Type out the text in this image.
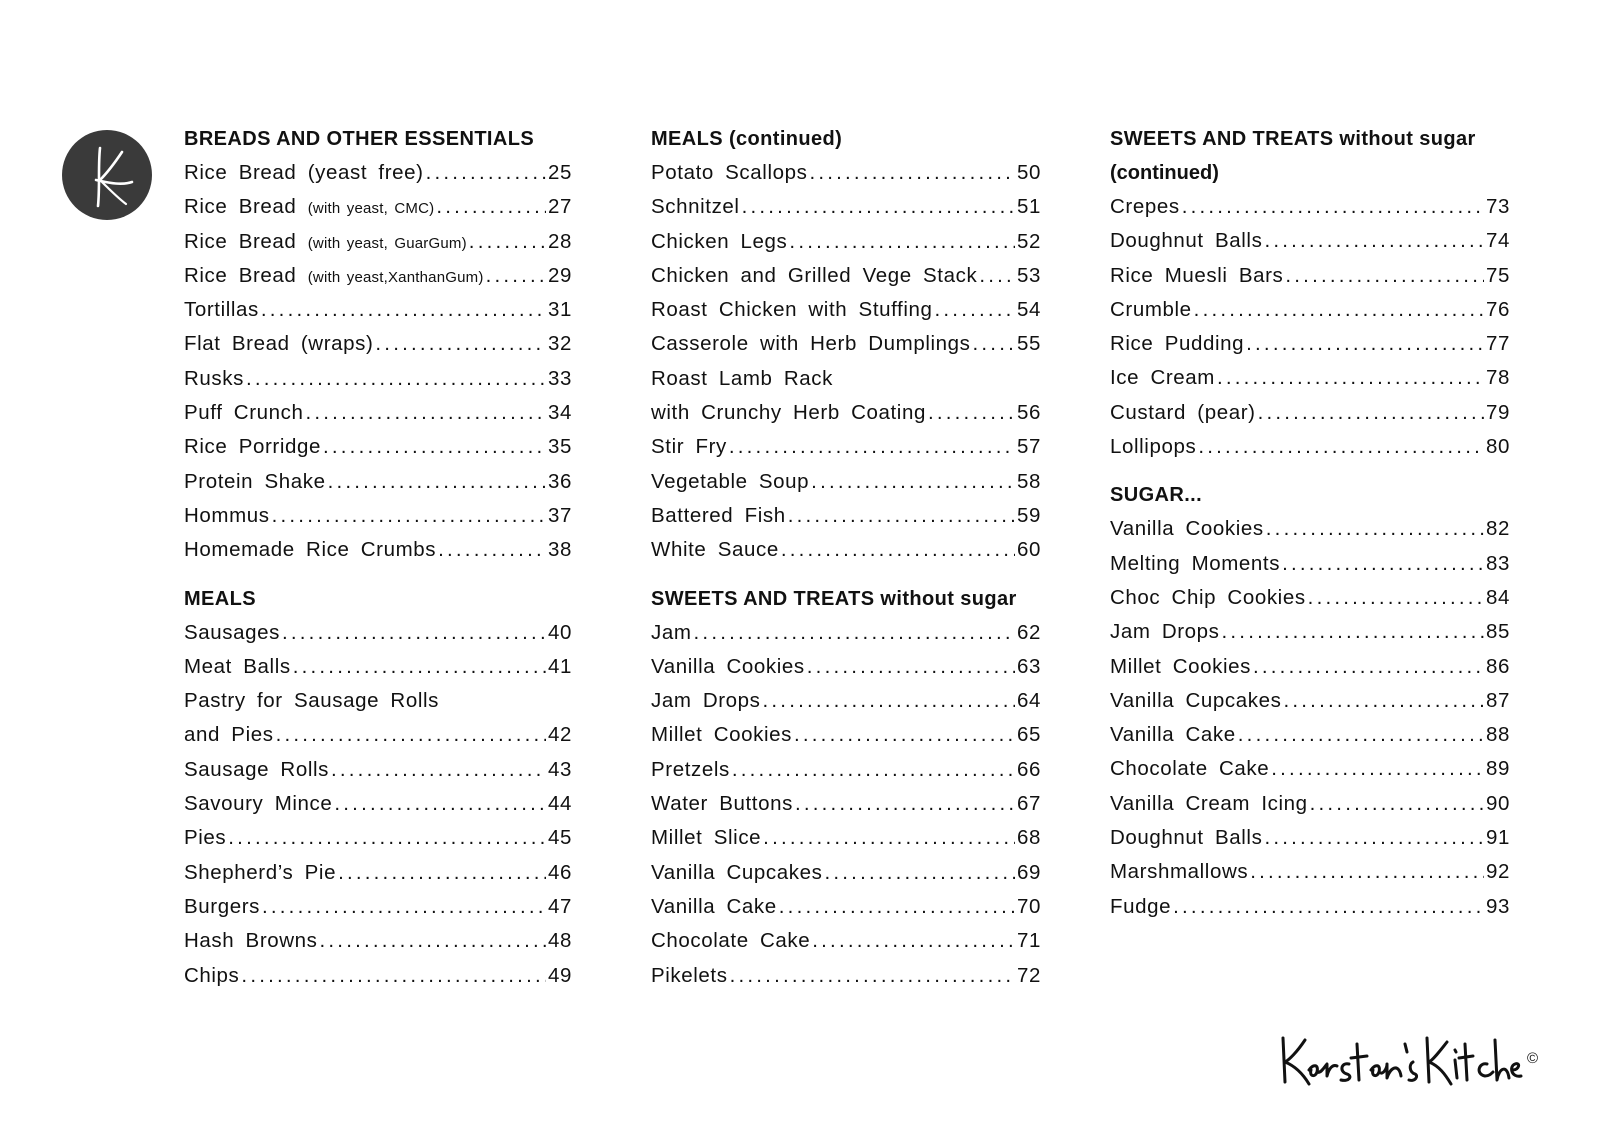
BREADS AND OTHER ESSENTIALS
Rice Bread (yeast free) .....	25
Rice Bread (with yeast, CMC) .....	27
Rice Bread (with yeast, GuarGum) .....	28
Rice Bread (with yeast,XanthanGum) .....	29
Tortillas .....	31
Flat Bread (wraps) .....	32
Rusks .....	33
Puff Crunch .....	34
Rice Porridge .....	35
Protein Shake .....	36
Hommus .....	37
Homemade Rice Crumbs .....	38
MEALS
Sausages .....	40
Meat Balls .....	41
Pastry for Sausage Rolls
and Pies .....	42
Sausage Rolls .....	43
Savoury Mince .....	44
Pies .....	45
Shepherd’s Pie .....	46
Burgers .....	47
Hash Browns .....	48
Chips .....	49
MEALS (continued)
Potato Scallops .....	50
Schnitzel .....	51
Chicken Legs .....	52
Chicken and Grilled Vege Stack ..... 53
Roast Chicken with Stuffing .....	54
Casserole with Herb Dumplings ..... 55
Roast Lamb Rack
with Crunchy Herb Coating .....	56
Stir Fry .....	57
Vegetable Soup .....	58
Battered Fish .....	59
White Sauce .....	60
SWEETS AND TREATS without sugar
Jam .....	62
Vanilla Cookies .....	63
Jam Drops .....	64
Millet Cookies .....	65
Pretzels .....	66
Water Buttons .....	67
Millet Slice .....	68
Vanilla Cupcakes .....	69
Vanilla Cake .....	70
Chocolate Cake .....	71
Pikelets .....	72
SWEETS AND TREATS without sugar
(continued)
Crepes .....	73
Doughnut Balls .....	74
Rice Muesli Bars .....	75
Crumble .....	76
Rice Pudding .....	77
Ice Cream .....	78
Custard (pear) .....	79
Lollipops .....	80
SUGAR...
Vanilla Cookies .....	82
Melting Moments .....	83
Choc Chip Cookies .....	84
Jam Drops .....	85
Millet Cookies .....	86
Vanilla Cupcakes .....	87
Vanilla Cake .....	88
Chocolate Cake .....	89
Vanilla Cream Icing .....	90
Doughnut Balls .....	91
Marshmallows .....	92
Fudge .....	93
©
